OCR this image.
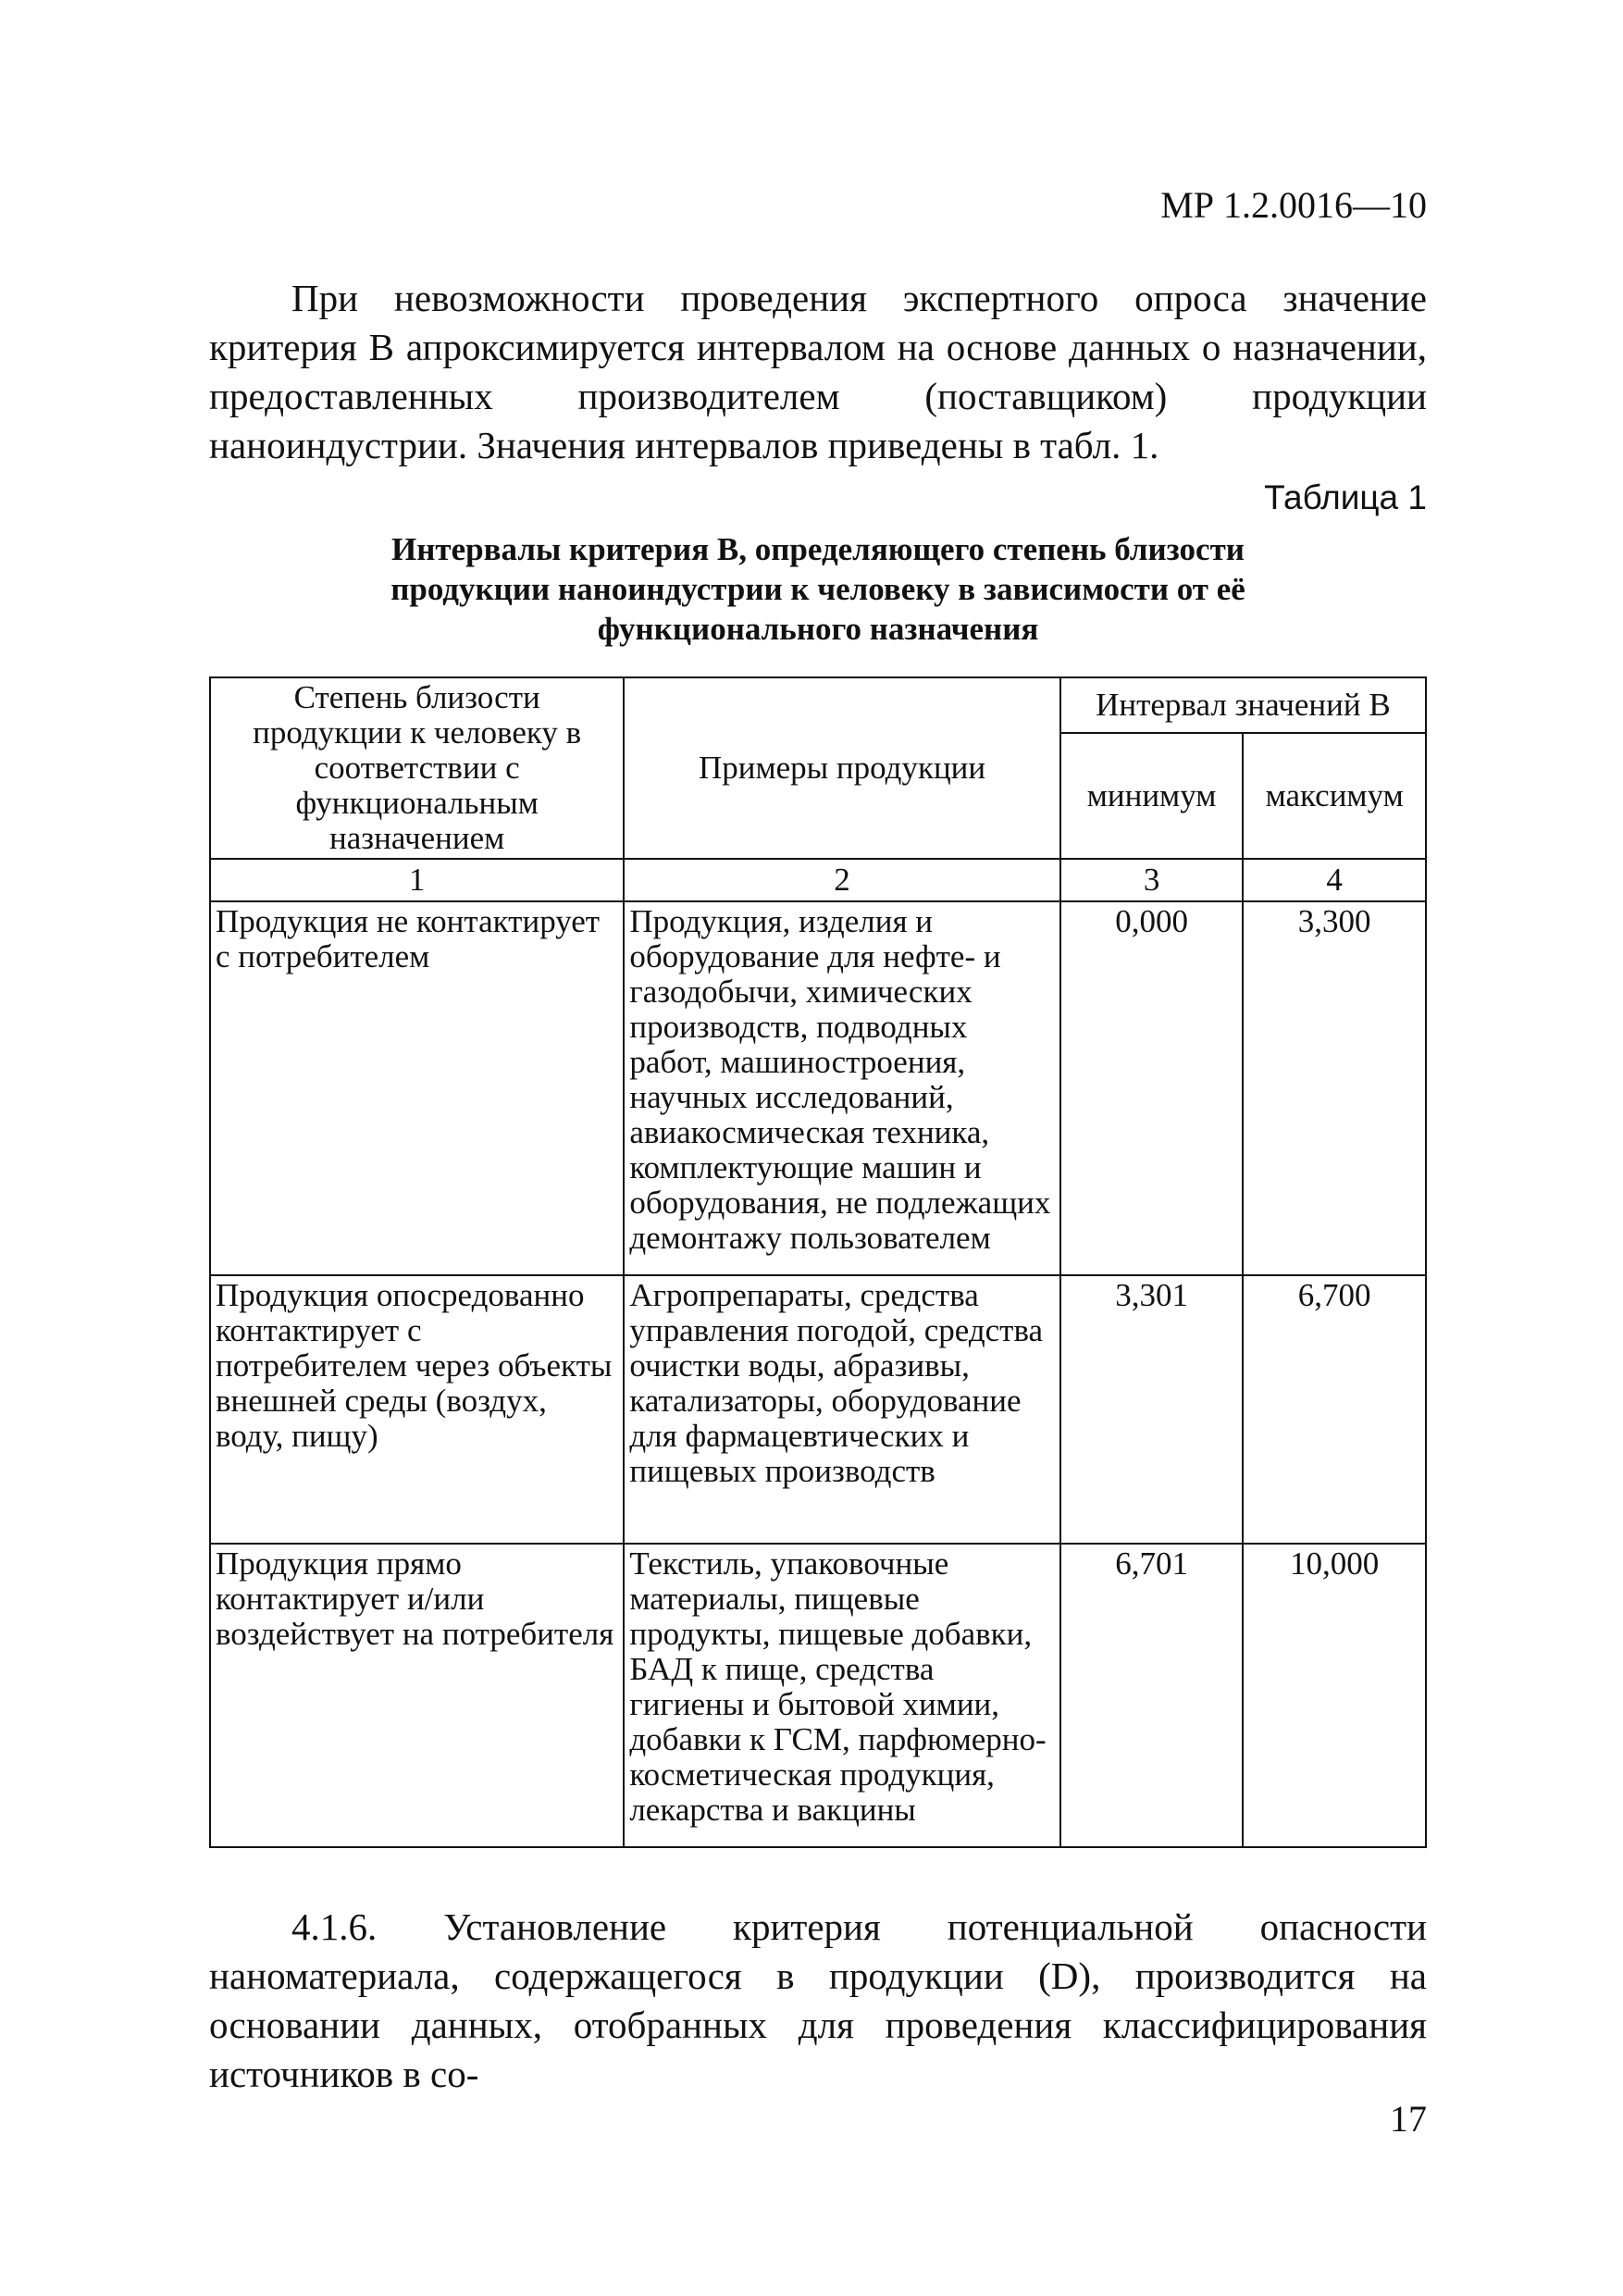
МР 1.2.0016—10

При невозможности проведения экспертного опроса значение критерия В апроксимируется интервалом на основе данных о назначении, предоставленных производителем (поставщиком) продукции наноиндустрии. Значения интервалов приведены в табл. 1.

Таблица 1
Интервалы критерия В, определяющего степень близости
продукции наноиндустрии к человеку в зависимости от её
функционального назначения
Степень близости продукции к человеку в соответствии с функциональным назначением	Примеры продукции	Интервал значений В	
		минимум	максимум
1	2	3	4
Продукция не контактирует с потребителем	Продукция, изделия и оборудование для нефте- и газодобычи, химических производств, подводных работ, машиностроения, научных исследований, авиакосмическая техника, комплектующие машин и оборудования, не подлежащих демонтажу пользователем	0,000	3,300
Продукция опосредованно контактирует с потребителем через объекты внешней среды (воздух, воду, пищу)	Агропрепараты, средства управления погодой, средства очистки воды, абразивы, катализаторы, оборудование для фармацевтических и пищевых производств	3,301	6,700
Продукция прямо контактирует и/или воздействует на потребителя	Текстиль, упаковочные материалы, пищевые продукты, пищевые добавки, БАД к пище, средства гигиены и бытовой химии, добавки к ГСМ, парфюмерно-косметическая продукция, лекарства и вакцины	6,701	10,000

4.1.6. Установление критерия потенциальной опасности наноматериала, содержащегося в продукции (D), производится на основании данных, отобранных для проведения классифицирования источников в со-

17
